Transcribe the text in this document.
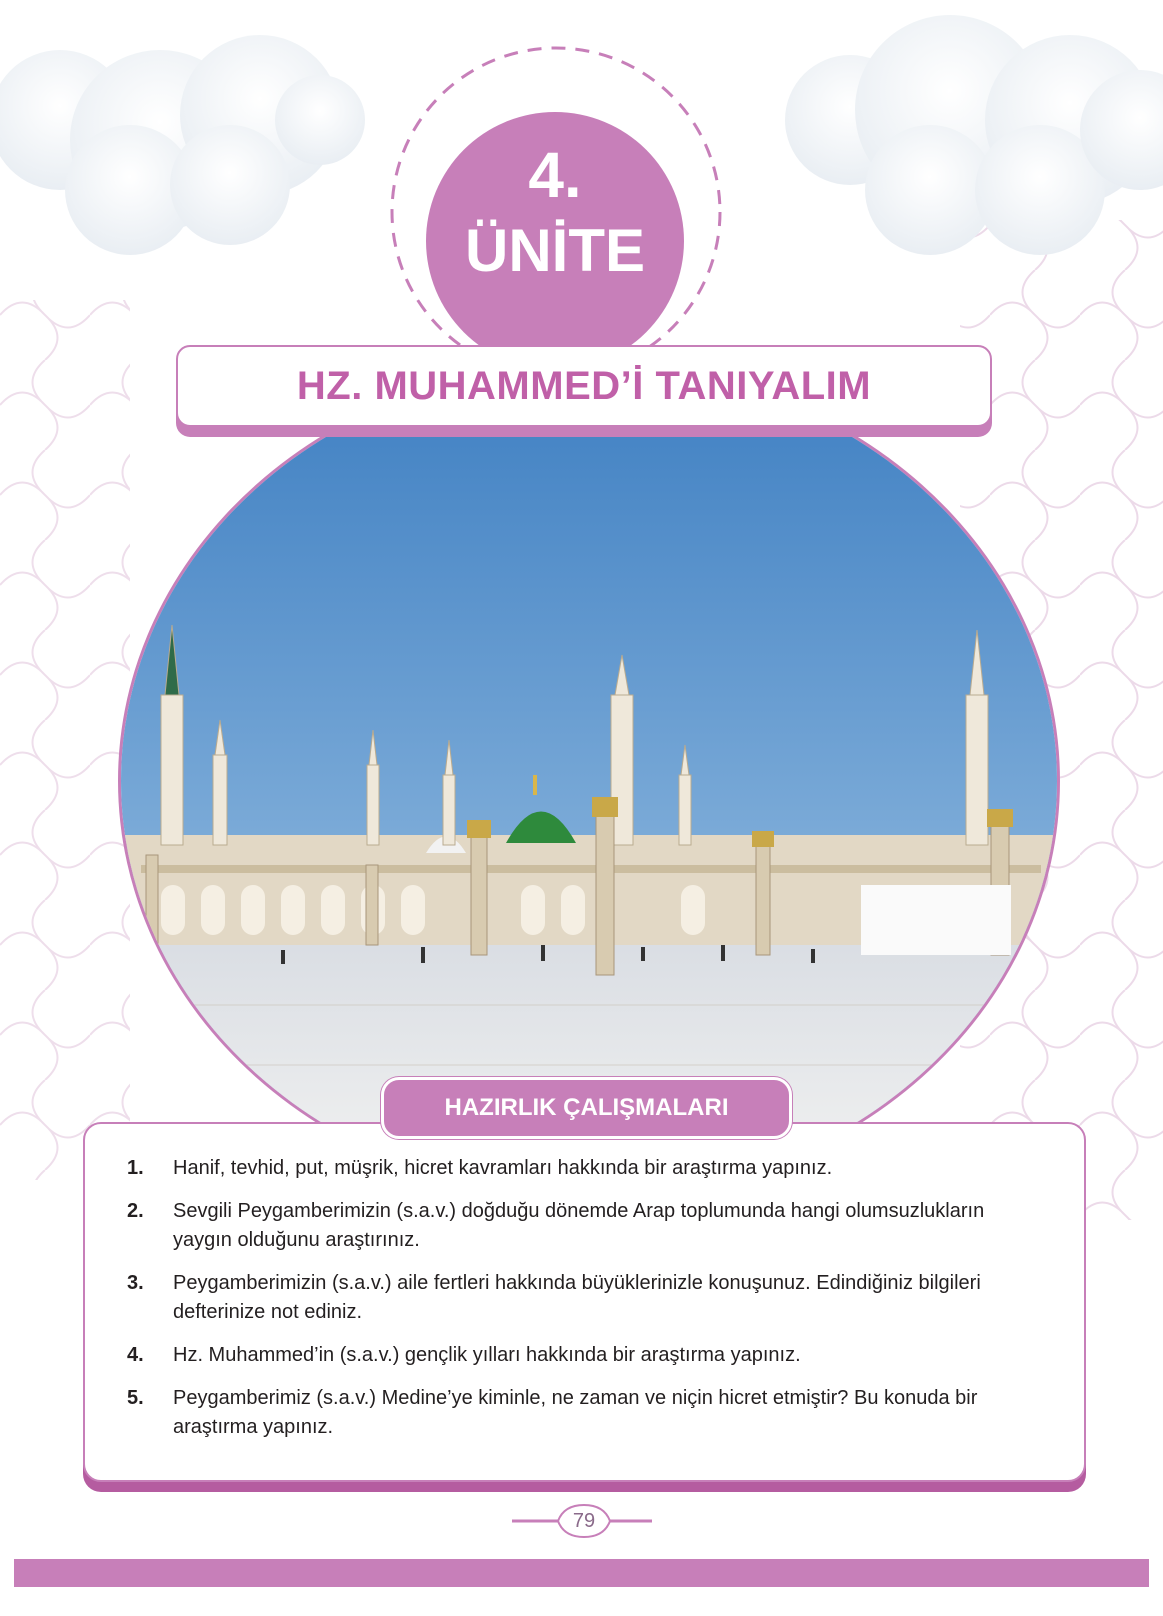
4.
ÜNİTE
HZ. MUHAMMED’İ TANIYALIM
1.	Hanif, tevhid, put, müşrik, hicret kavramları hakkında bir araştırma yapınız.
2.	Sevgili Peygamberimizin (s.a.v.) doğduğu dönemde Arap toplumunda hangi olumsuzlukların yaygın olduğunu araştırınız.
3.	Peygamberimizin (s.a.v.) aile fertleri hakkında büyüklerinizle konuşunuz. Edindiğiniz bilgileri defterinize not ediniz.
4.	Hz. Muhammed’in (s.a.v.) gençlik yılları hakkında bir araştırma yapınız.
5.	Peygamberimiz (s.a.v.) Medine’ye kiminle, ne zaman ve niçin hicret etmiştir? Bu konuda bir araştırma yapınız.
HAZIRLIK ÇALIŞMALARI
79
